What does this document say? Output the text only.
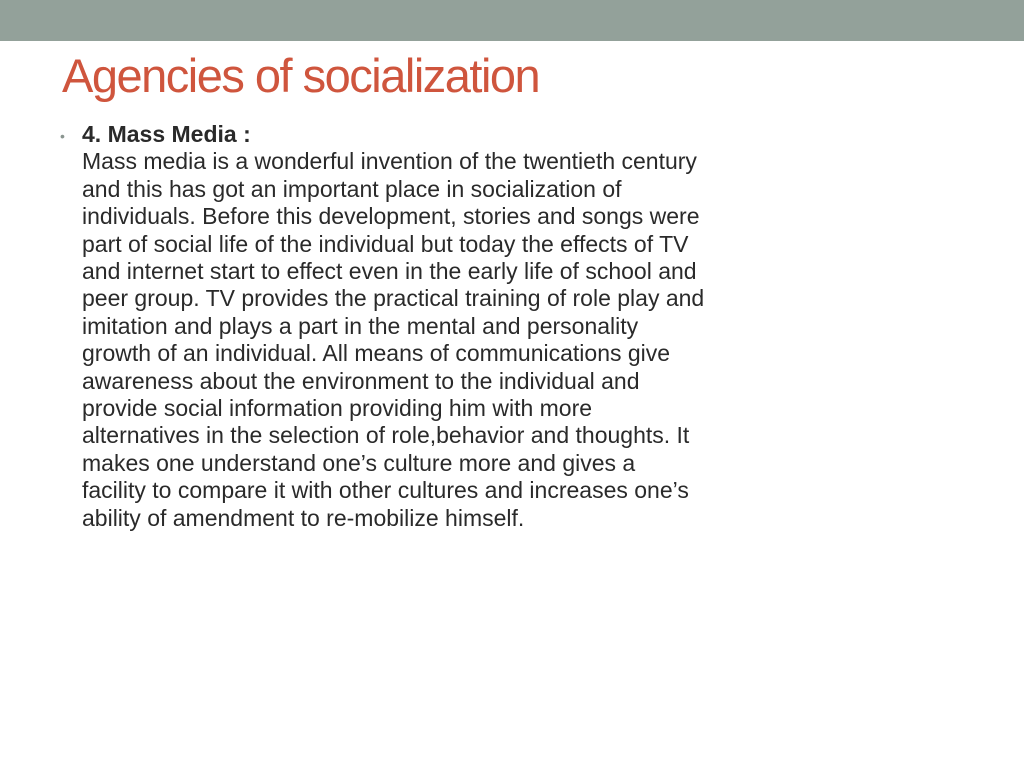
Agencies of socialization
• 4. Mass Media :
Mass media is a wonderful invention of the twentieth century
and this has got an important place in socialization of
individuals. Before this development, stories and songs were
part of social life of the individual but today the effects of TV
and internet start to effect even in the early life of school and
peer group. TV provides the practical training of role play and
imitation and plays a part in the mental and personality
growth of an individual. All means of communications give
awareness about the environment to the individual and
provide social information providing him with more
alternatives in the selection of role,behavior and thoughts. It
makes one understand one’s culture more and gives a
facility to compare it with other cultures and increases one’s
ability of amendment to re-mobilize himself.
